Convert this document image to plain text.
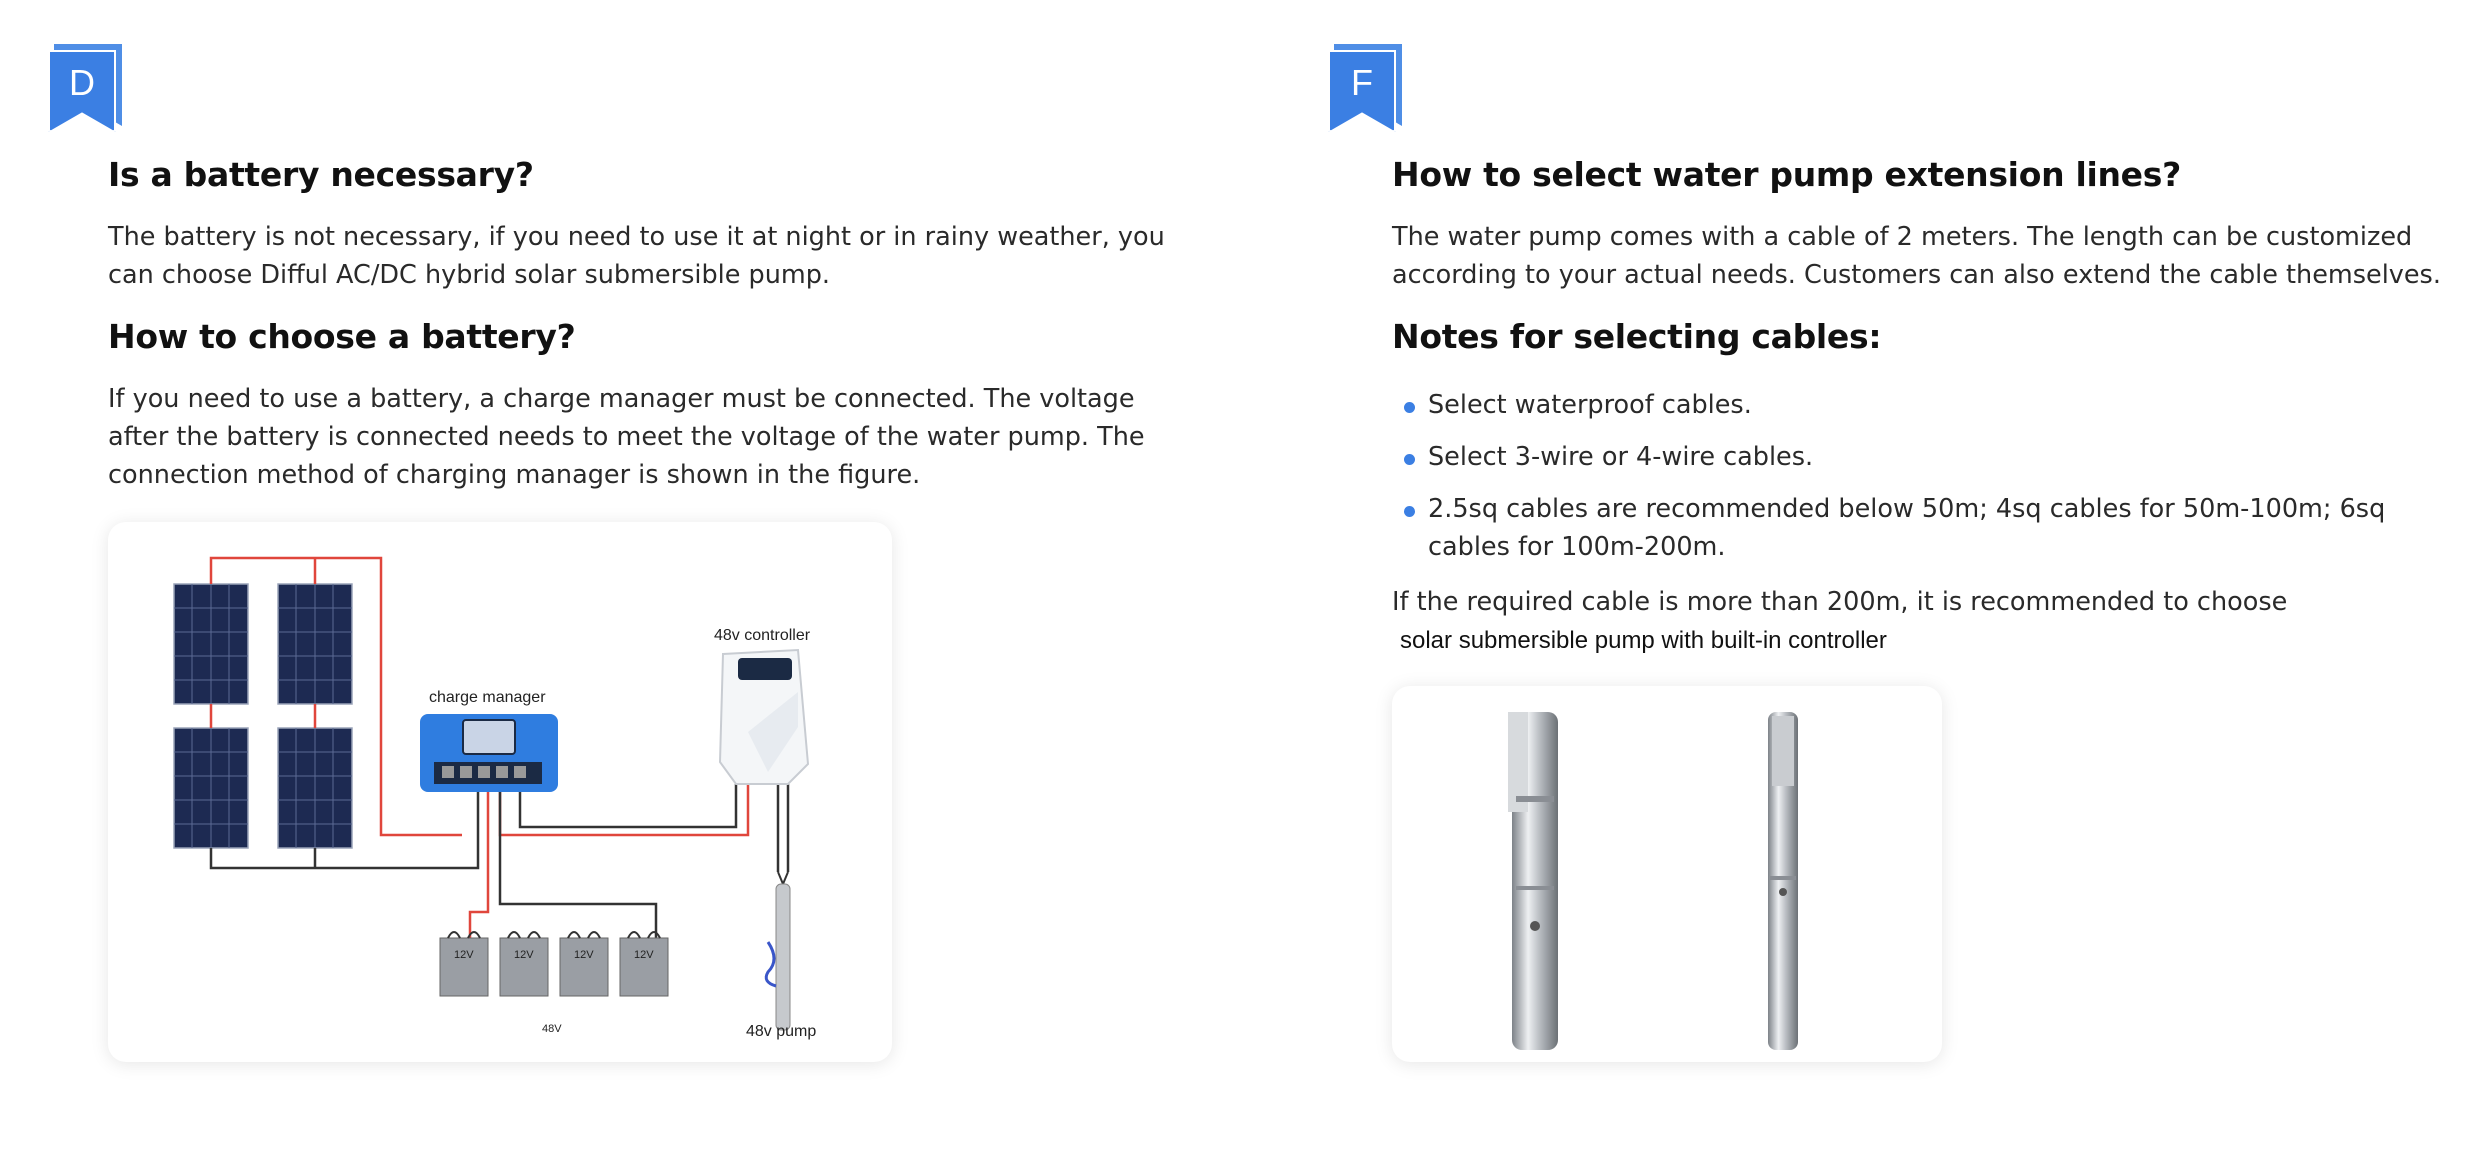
D
Is a battery necessary?

The battery is not necessary, if you need to use it at night or in rainy weather, you can choose Difful AC/DC hybrid solar submersible pump.

How to choose a battery?

If you need to use a battery, a charge manager must be connected. The voltage after the battery is connected needs to meet the voltage of the water pump. The connection method of charging manager is shown in the figure.

charge manager
48v controller
12V	12V	12V	12V
48V	48v pump
F
How to select water pump extension lines?

The water pump comes with a cable of 2 meters. The length can be customized according to your actual needs. Customers can also extend the cable themselves.

Notes for selecting cables:
Select waterproof cables.
Select 3-wire or 4-wire cables.
2.5sq cables are recommended below 50m; 4sq cables for 50m-100m; 6sq cables for 100m-200m.

If the required cable is more than 200m, it is recommended to choose

solar submersible pump with built-in controller
